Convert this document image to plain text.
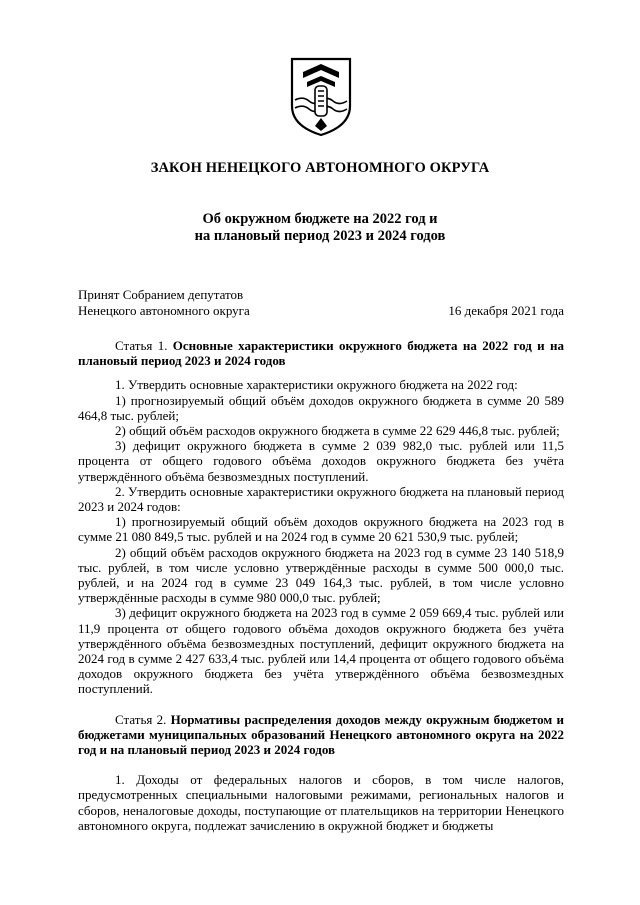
ЗАКОН НЕНЕЦКОГО АВТОНОМНОГО ОКРУГА
Об окружном бюджете на 2022 год и
на плановый период 2023 и 2024 годов
Принят Собранием депутатов
Ненецкого автономного округа	16 декабря 2021 года

Статья 1. Основные характеристики окружного бюджета на 2022 год и на плановый период 2023 и 2024 годов

1. Утвердить основные характеристики окружного бюджета на 2022 год:

1) прогнозируемый общий объём доходов окружного бюджета в сумме 20 589 464,8 тыс. рублей;

2) общий объём расходов окружного бюджета в сумме 22 629 446,8 тыс. рублей;

3) дефицит окружного бюджета в сумме 2 039 982,0 тыс. рублей или 11,5 процента от общего годового объёма доходов окружного бюджета без учёта утверждённого объёма безвозмездных поступлений.

2. Утвердить основные характеристики окружного бюджета на плановый период 2023 и 2024 годов:

1) прогнозируемый общий объём доходов окружного бюджета на 2023 год в сумме 21 080 849,5 тыс. рублей и на 2024 год в сумме 20 621 530,9 тыс. рублей;

2) общий объём расходов окружного бюджета на 2023 год в сумме 23 140 518,9 тыс. рублей, в том числе условно утверждённые расходы в сумме 500 000,0 тыс. рублей, и на 2024 год в сумме 23 049 164,3 тыс. рублей, в том числе условно утверждённые расходы в сумме 980 000,0 тыс. рублей;

3) дефицит окружного бюджета на 2023 год в сумме 2 059 669,4 тыс. рублей или 11,9 процента от общего годового объёма доходов окружного бюджета без учёта утверждённого объёма безвозмездных поступлений, дефицит окружного бюджета на 2024 год в сумме 2 427 633,4 тыс. рублей или 14,4 процента от общего годового объёма доходов окружного бюджета без учёта утверждённого объёма безвозмездных поступлений.

Статья 2. Нормативы распределения доходов между окружным бюджетом и бюджетами муниципальных образований Ненецкого автономного округа на 2022 год и на плановый период 2023 и 2024 годов

1. Доходы от федеральных налогов и сборов, в том числе налогов, предусмотренных специальными налоговыми режимами, региональных налогов и сборов, неналоговые доходы, поступающие от плательщиков на территории Ненецкого автономного округа, подлежат зачислению в окружной бюджет и бюджеты
